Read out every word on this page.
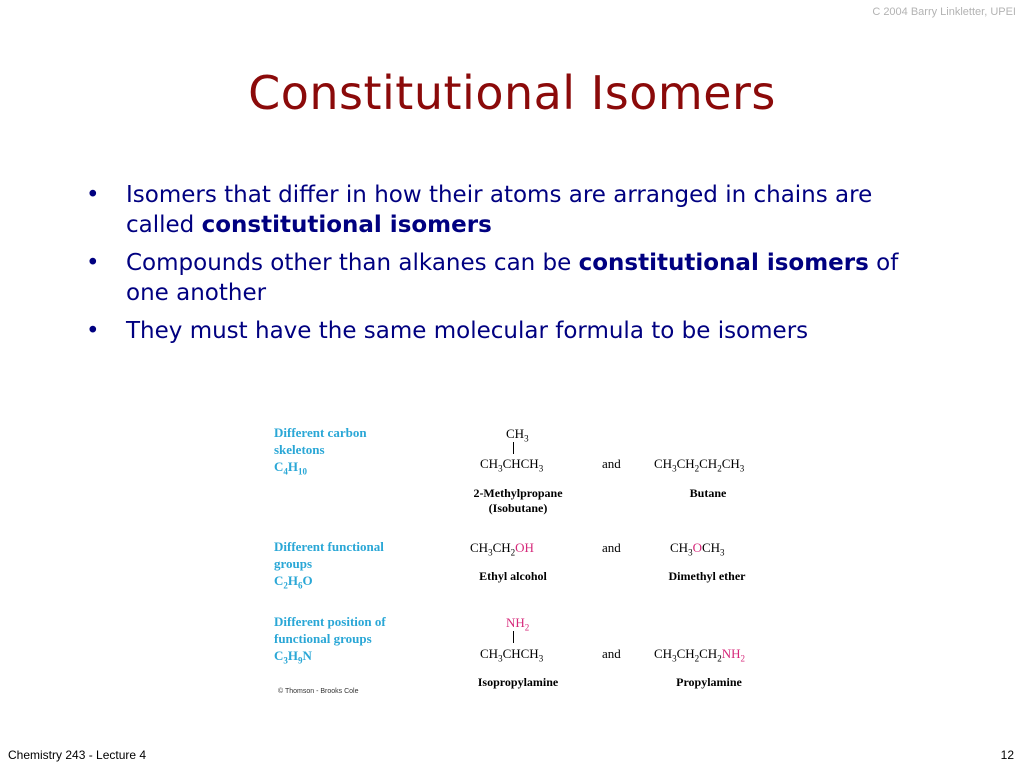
C 2004 Barry Linkletter, UPEI
Constitutional Isomers
• Isomers that differ in how their atoms are arranged in chains are called constitutional isomers
• Compounds other than alkanes can be constitutional isomers of one another
• They must have the same molecular formula to be isomers
Different carbon
skeletons
$C_4H_{10}$
$CH_3$
$CH_3CHCH_3$	and	$CH_3CH_2CH_2CH_3$
2-Methylpropane
(Isobutane)
Butane
Different functional
groups
$C_2H_6O$
$CH_3CH_2OH$	and	$CH_3OCH_3$
Ethyl alcohol	Dimethyl ether
Different position of
functional groups
$C_3H_9N$
$NH_2$
$CH_3CHCH_3$	and	$CH_3CH_2CH_2NH_2$
Isopropylamine	Propylamine
© Thomson - Brooks Cole
Chemistry 243 - Lecture 4	12
